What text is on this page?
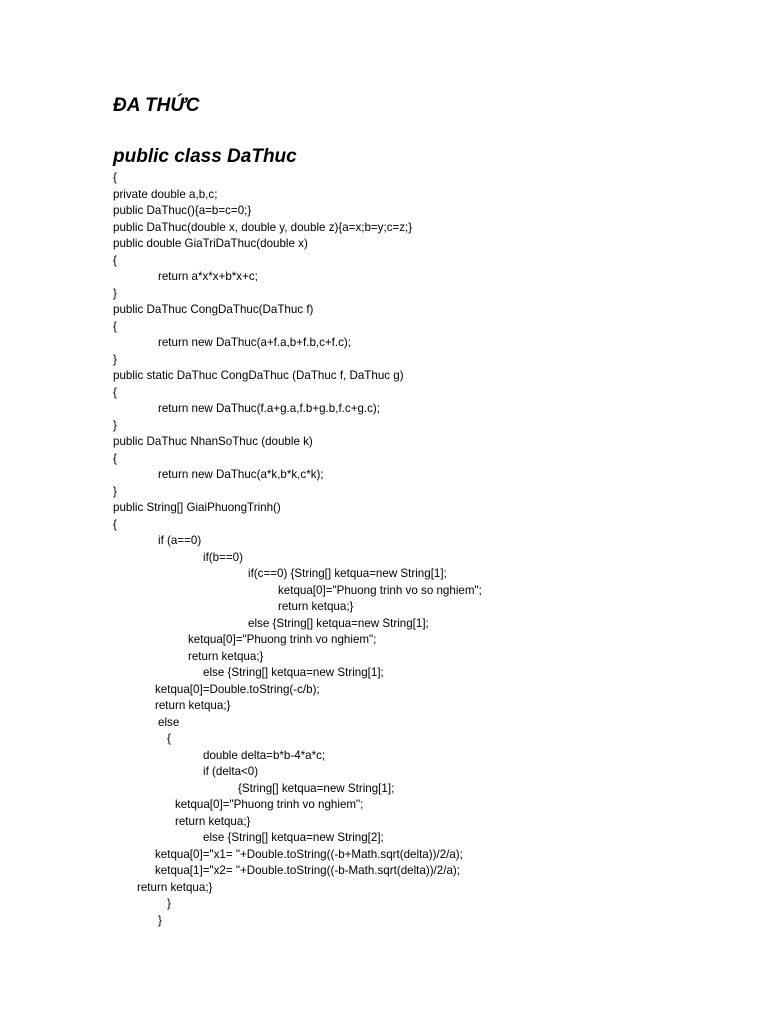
ĐA THỨC
public class DaThuc

{

private double a,b,c;

public DaThuc(){a=b=c=0;}

public DaThuc(double x, double y, double z){a=x;b=y;c=z;}

public double GiaTriDaThuc(double x)

{

return a*x*x+b*x+c;

}

public DaThuc CongDaThuc(DaThuc f)

{

return new DaThuc(a+f.a,b+f.b,c+f.c);

}

public static DaThuc CongDaThuc (DaThuc f, DaThuc g)

{

return new DaThuc(f.a+g.a,f.b+g.b,f.c+g.c);

}

public DaThuc NhanSoThuc (double k)

{

return new DaThuc(a*k,b*k,c*k);

}

public String[] GiaiPhuongTrinh()

{

if (a==0)

if(b==0)

if(c==0) {String[] ketqua=new String[1];

ketqua[0]="Phuong trinh vo so nghiem";

return ketqua;}

else {String[] ketqua=new String[1];

ketqua[0]="Phuong trinh vo nghiem";

return ketqua;}

else {String[] ketqua=new String[1];

ketqua[0]=Double.toString(-c/b);

return ketqua;}

else

{

double delta=b*b-4*a*c;

if (delta<0)

{String[] ketqua=new String[1];

ketqua[0]="Phuong trinh vo nghiem";

return ketqua;}

else {String[] ketqua=new String[2];

ketqua[0]="x1= "+Double.toString((-b+Math.sqrt(delta))/2/a);

ketqua[1]="x2= "+Double.toString((-b-Math.sqrt(delta))/2/a);

return ketqua;}

}

}
